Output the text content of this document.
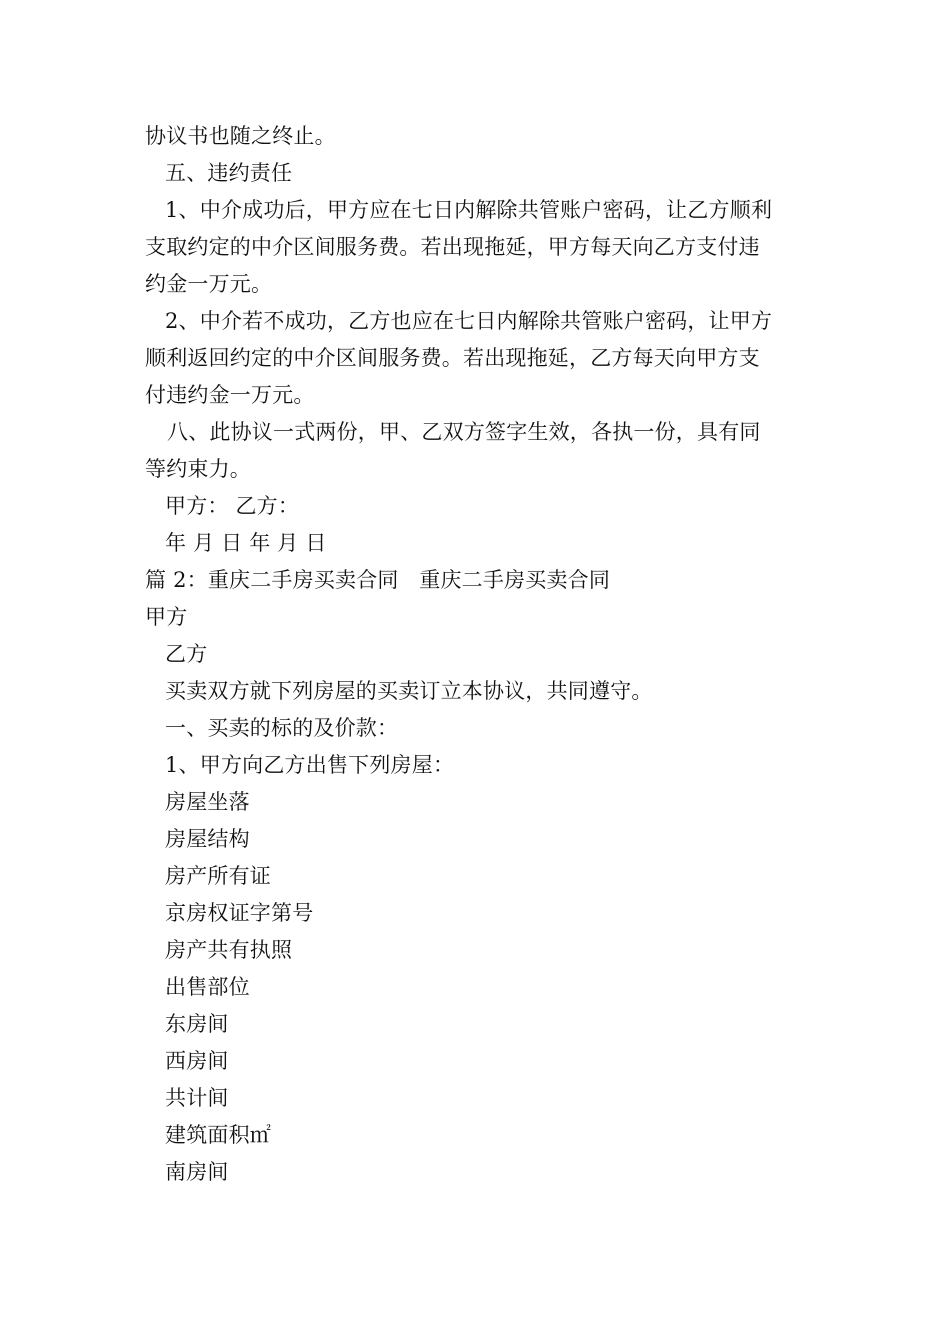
协议书也随之终止。
五、违约责任
1、中介成功后，甲方应在七日内解除共管账户密码，让乙方顺利
支取约定的中介区间服务费。若出现拖延，甲方每天向乙方支付违
约金一万元。
2、中介若不成功，乙方也应在七日内解除共管账户密码，让甲方
顺利返回约定的中介区间服务费。若出现拖延，乙方每天向甲方支
付违约金一万元。
八、此协议一式两份，甲、乙双方签字生效，各执一份，具有同
等约束力。
甲方： 乙方：
年 月 日 年 月 日
篇 2：重庆二手房买卖合同   重庆二手房买卖合同
甲方
乙方
买卖双方就下列房屋的买卖订立本协议，共同遵守。
一、买卖的标的及价款：
1、甲方向乙方出售下列房屋：
房屋坐落
房屋结构
房产所有证
京房权证字第号
房产共有执照
出售部位
东房间
西房间
共计间
建筑面积㎡
南房间
